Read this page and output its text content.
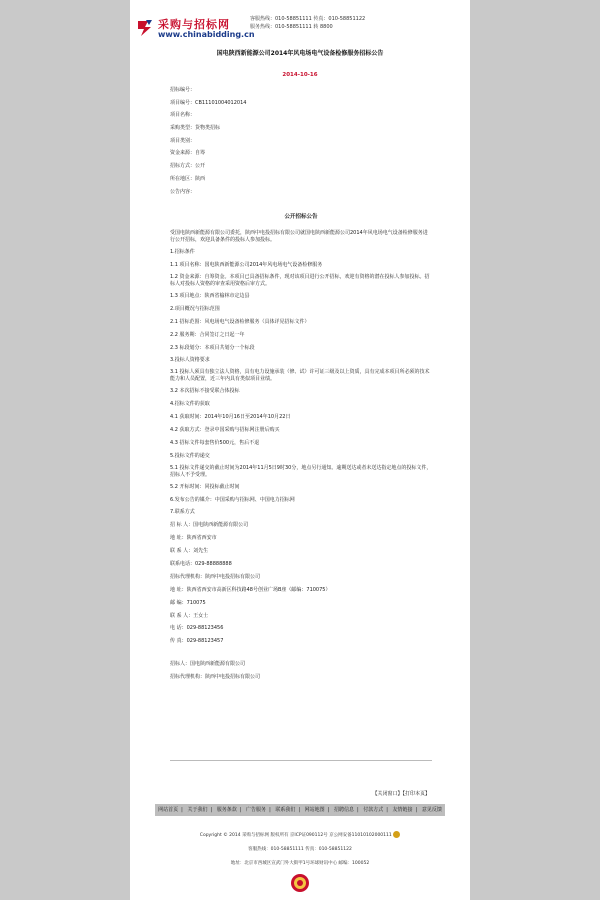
采购与招标网
www.chinabidding.cn
客服热线：010-58851111 传真：010-58851122
服务热线：010-58851111 转 8800
国电陕西新能源公司2014年风电场电气设备检修服务招标公告
2014-10-16
招标编号：
项目编号：CB11101004012014
项目名称：
采购类型：货物类招标
项目类别：
资金来源：自筹
招标方式：公开
所在地区：陕西
公告内容：
公开招标公告
受国电陕西新能源有限公司委托，陕西中电投招标有限公司就国电陕西新能源公司2014年风电场电气设备检修服务进行公开招标，欢迎具备条件的投标人参加投标。
1.招标条件
1.1 项目名称：国电陕西新能源公司2014年风电场电气设备检修服务
1.2 资金来源：自筹资金。本项目已具备招标条件，现对该项目进行公开招标，欢迎有资格的潜在投标人参加投标。招标人对投标人资格的审查采用资格后审方式。
1.3 项目地点：陕西省榆林市定边县
2.项目概况与招标范围
2.1 招标范围：风电场电气设备检修服务（具体详见招标文件）
2.2 服务期：合同签订之日起一年
2.3 标段划分：本项目共划分一个标段
3.投标人资格要求
3.1 投标人须具有独立法人资格，具有电力设施承装（修、试）许可证三级及以上资质，具有完成本项目所必须的技术能力和人员配置，近三年内具有类似项目业绩。
3.2 本次招标不接受联合体投标
4.招标文件的获取
4.1 获取时间：2014年10月16日至2014年10月22日
4.2 获取方式：登录中国采购与招标网注册后购买
4.3 招标文件每套售价500元，售后不退
5.投标文件的递交
5.1 投标文件递交的截止时间为2014年11月5日9时30分，地点另行通知。逾期送达或者未送达指定地点的投标文件，招标人不予受理。
5.2 开标时间：同投标截止时间
6.发布公告的媒介：中国采购与招标网、中国电力招标网
7.联系方式
招 标 人：国电陕西新能源有限公司
地 址：陕西省西安市
联 系 人：刘先生
联系电话：029-88888888
招标代理机构：陕西中电投招标有限公司
地 址：陕西省西安市高新区科技路48号创业广场B座（邮编：710075）
邮 编：710075
联 系 人：王女士
电 话：029-88123456
传 真：029-88123457
招标人：国电陕西新能源有限公司
招标代理机构：陕西中电投招标有限公司
【关闭窗口】【打印本页】
网站首页 | 关于我们 | 服务条款 | 广告服务 | 联系我们 | 网站地图 | 招聘信息 | 付款方式 | 友情链接 | 意见反馈
Copyright © 2014 采购与招标网 版权所有 京ICP证090112号 京公网安备11010102000111
客服热线：010-58851111 传真：010-58851122
地址：北京市西城区宣武门外大街甲1号环球财讯中心 邮编：100052
